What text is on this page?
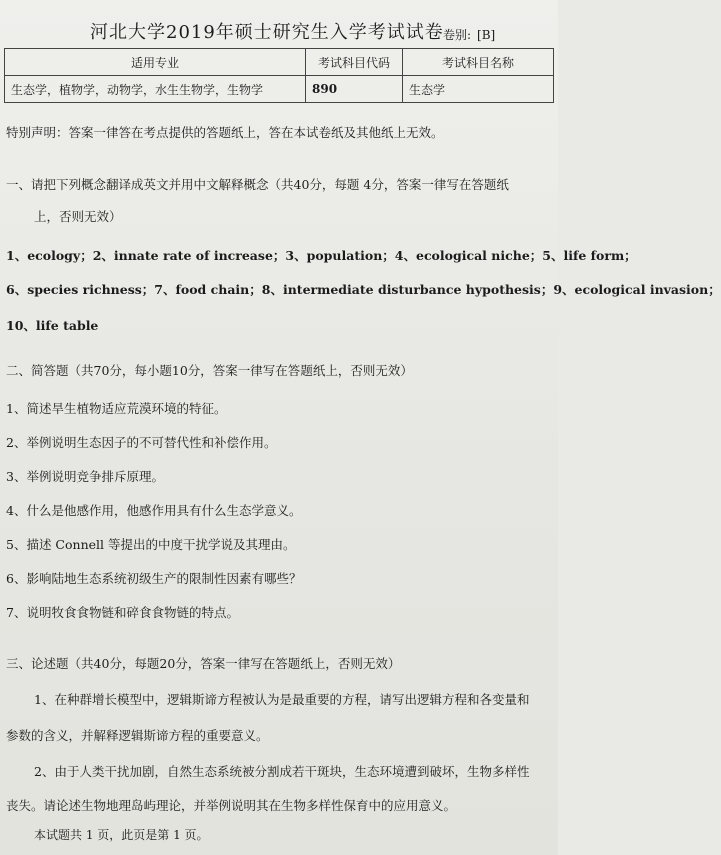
河北大学2019年硕士研究生入学考试试卷 卷别: [B]
适用专业	考试科目代码	考试科目名称
生态学，植物学，动物学，水生生物学，生物学	890	生态学
特别声明：答案一律答在考点提供的答题纸上，答在本试卷纸及其他纸上无效。
一、请把下列概念翻译成英文并用中文解释概念（共40分，每题 4分，答案一律写在答题纸
上，否则无效）
1、ecology；2、innate rate of increase；3、population；4、ecological niche；5、life form；
6、species richness；7、food chain；8、intermediate disturbance hypothesis；9、ecological invasion；
10、life table
二、简答题（共70分，每小题10分，答案一律写在答题纸上，否则无效）
1、简述旱生植物适应荒漠环境的特征。
2、举例说明生态因子的不可替代性和补偿作用。
3、举例说明竞争排斥原理。
4、什么是他感作用，他感作用具有什么生态学意义。
5、描述 Connell 等提出的中度干扰学说及其理由。
6、影响陆地生态系统初级生产的限制性因素有哪些？
7、说明牧食食物链和碎食食物链的特点。
三、论述题（共40分，每题20分，答案一律写在答题纸上，否则无效）
1、在种群增长模型中，逻辑斯谛方程被认为是最重要的方程，请写出逻辑方程和各变量和
参数的含义，并解释逻辑斯谛方程的重要意义。
2、由于人类干扰加剧，自然生态系统被分割成若干斑块，生态环境遭到破坏，生物多样性
丧失。请论述生物地理岛屿理论，并举例说明其在生物多样性保育中的应用意义。
本试题共 1 页，此页是第 1 页。
